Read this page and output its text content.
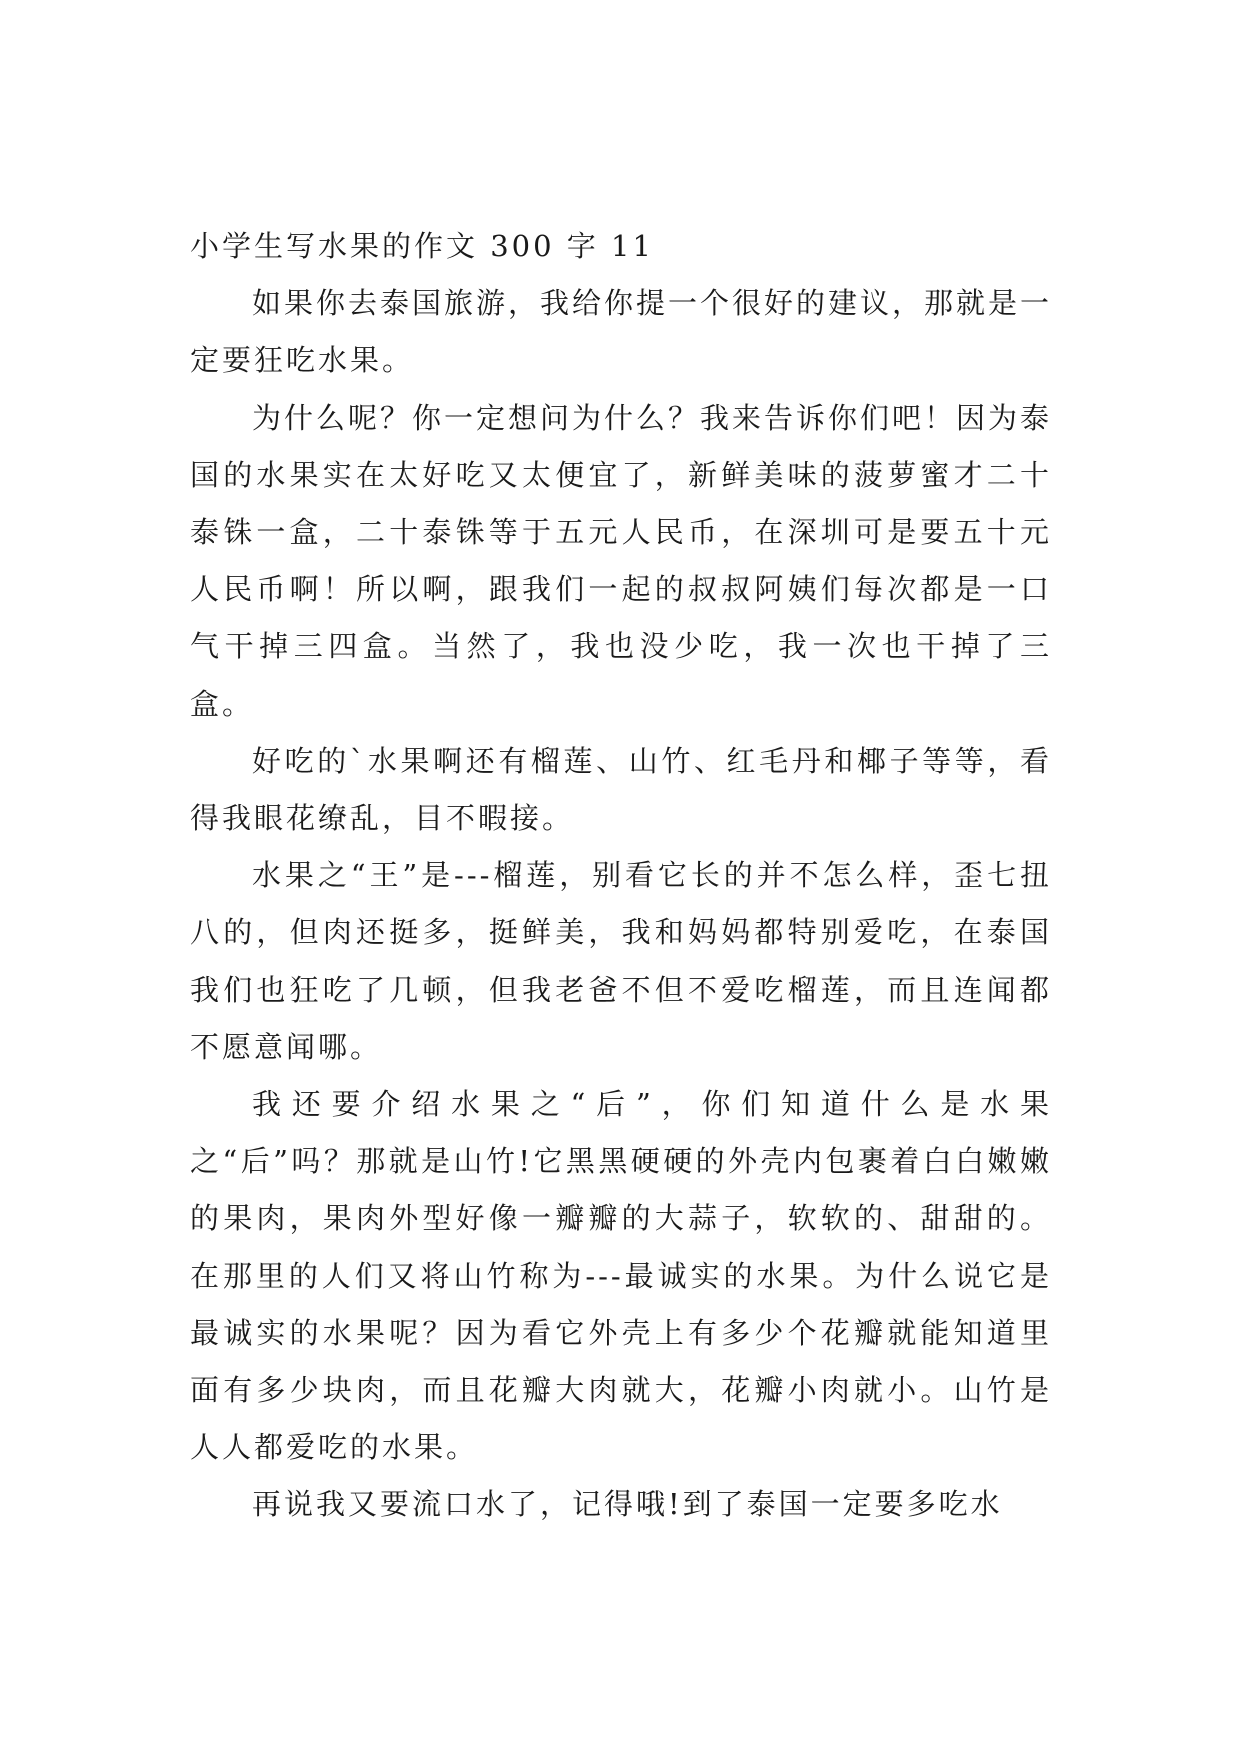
小学生写水果的作文 300 字 11

如果你去泰国旅游，我给你提一个很好的建议，那就是一定要狂吃水果。

为什么呢？你一定想问为什么？我来告诉你们吧！因为泰国的水果实在太好吃又太便宜了，新鲜美味的菠萝蜜才二十泰铢一盒，二十泰铢等于五元人民币，在深圳可是要五十元人民币啊！所以啊，跟我们一起的叔叔阿姨们每次都是一口气干掉三四盒。当然了，我也没少吃，我一次也干掉了三盒。

好吃的`水果啊还有榴莲、山竹、红毛丹和椰子等等，看得我眼花缭乱，目不暇接。

水果之“王”是---榴莲，别看它长的并不怎么样，歪七扭八的，但肉还挺多，挺鲜美，我和妈妈都特别爱吃，在泰国我们也狂吃了几顿，但我老爸不但不爱吃榴莲，而且连闻都不愿意闻哪。

我还要介绍水果之“后”，你们知道什么是水果之“后”吗？那就是山竹!它黑黑硬硬的外壳内包裹着白白嫩嫩的果肉，果肉外型好像一瓣瓣的大蒜子，软软的、甜甜的。在那里的人们又将山竹称为---最诚实的水果。为什么说它是最诚实的水果呢？因为看它外壳上有多少个花瓣就能知道里面有多少块肉，而且花瓣大肉就大，花瓣小肉就小。山竹是人人都爱吃的水果。

再说我又要流口水了，记得哦!到了泰国一定要多吃水
